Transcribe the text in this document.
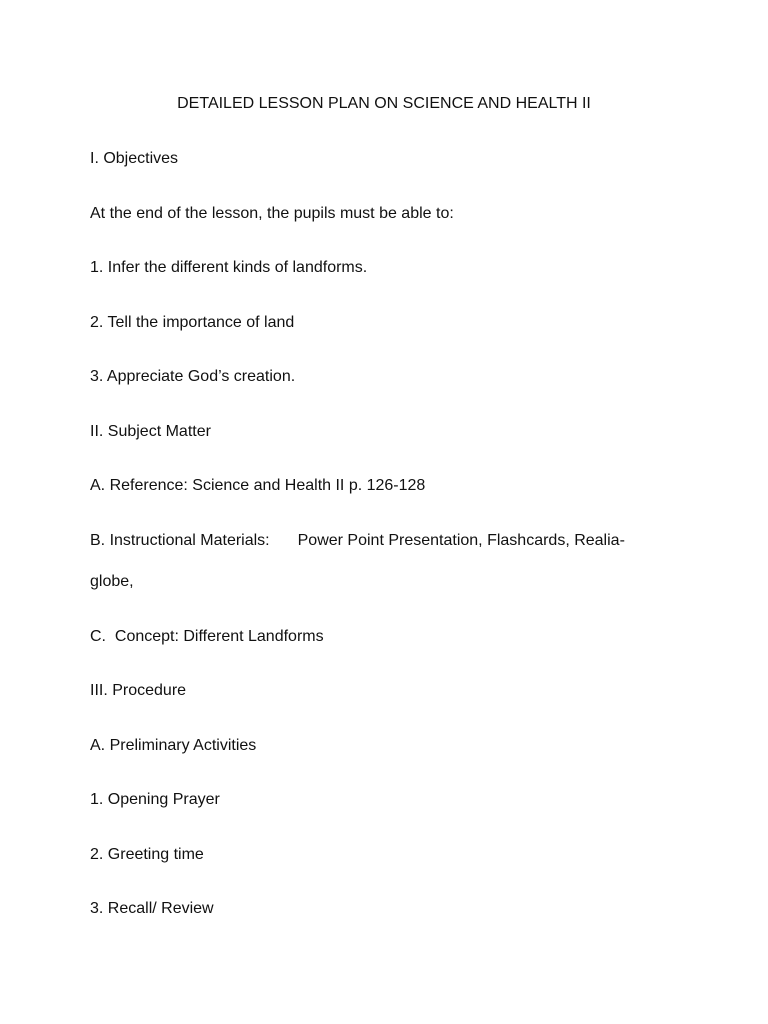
DETAILED LESSON PLAN ON SCIENCE AND HEALTH II
I. Objectives
At the end of the lesson, the pupils must be able to:
1. Infer the different kinds of landforms.
2. Tell the importance of land
3. Appreciate God’s creation.
II. Subject Matter
A. Reference: Science and Health II p. 126-128
B. Instructional Materials: Power Point Presentation, Flashcards, Realia-
globe,
C.  Concept: Different Landforms
III. Procedure
A. Preliminary Activities
1. Opening Prayer
2. Greeting time
3. Recall/ Review
